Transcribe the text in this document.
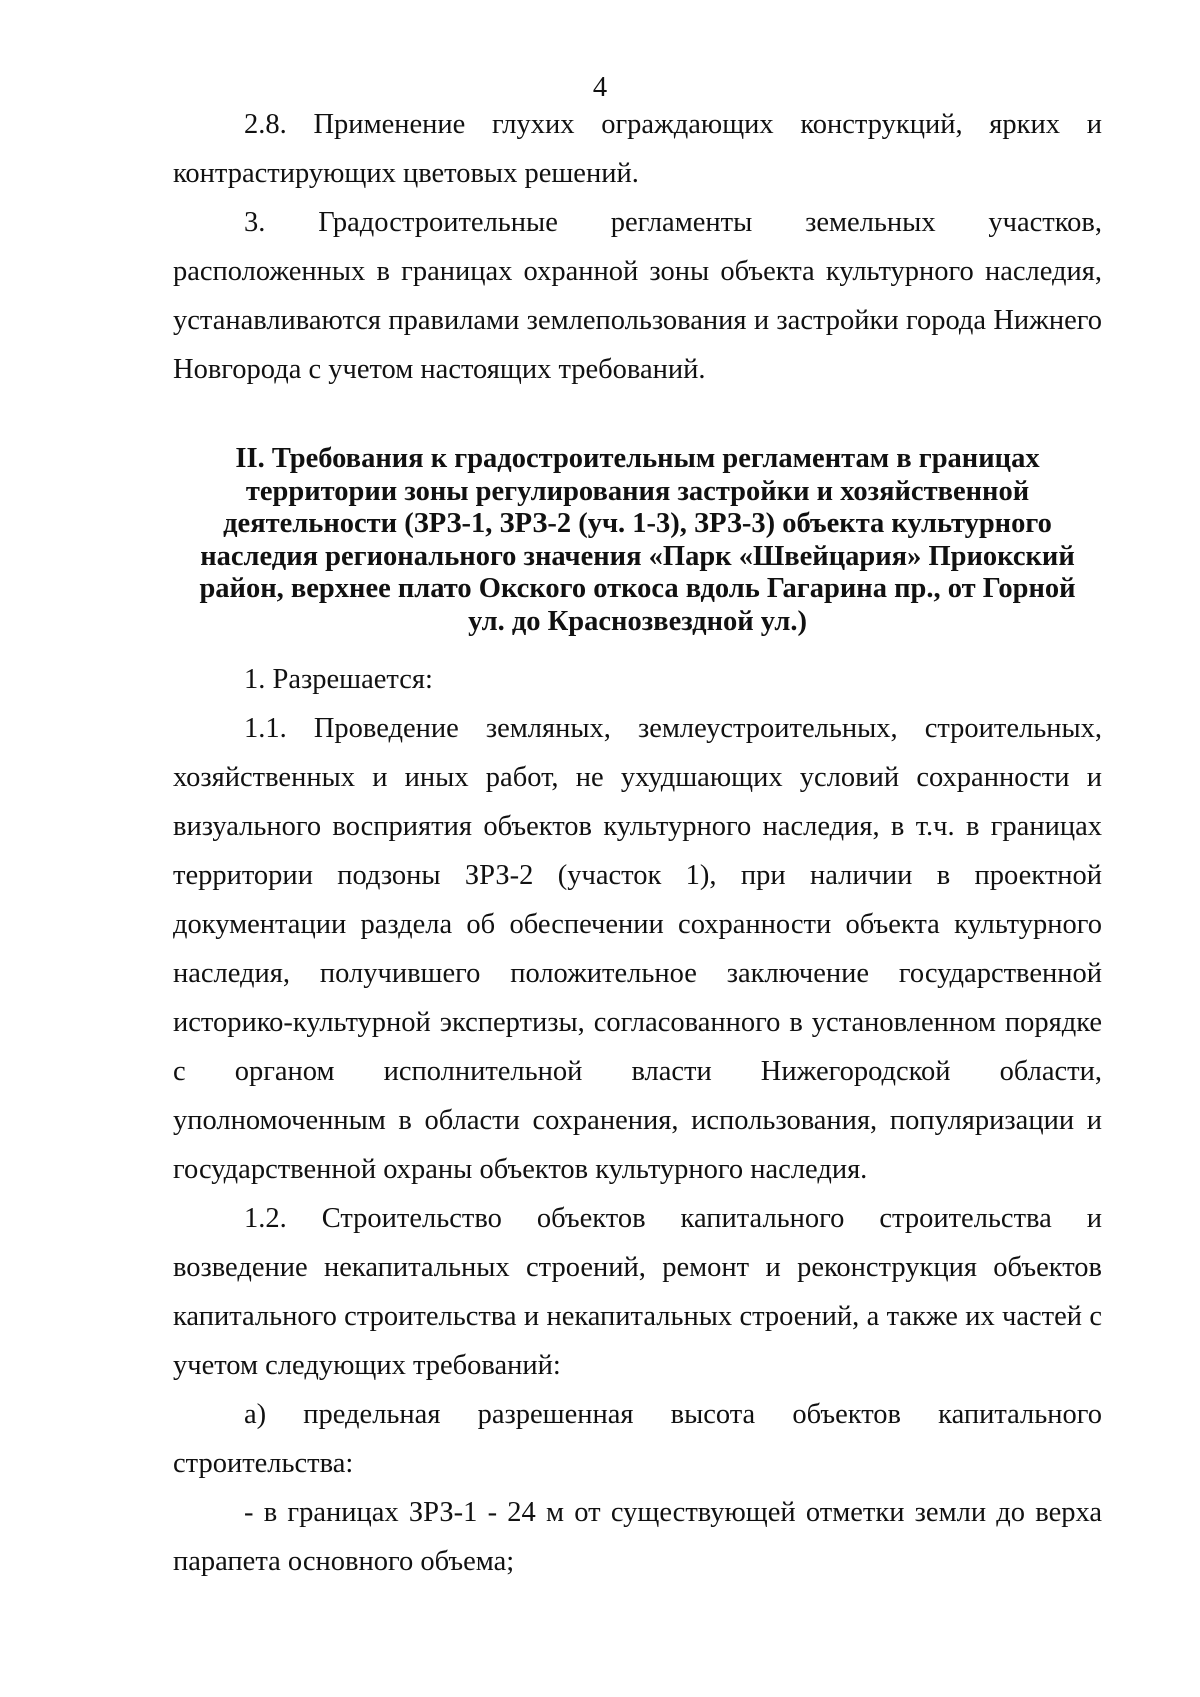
4

2.8. Применение глухих ограждающих конструкций, ярких и контрастирующих цветовых решений.

3. Градостроительные регламенты земельных участков, расположенных в границах охранной зоны объекта культурного наследия, устанавливаются правилами землепользования и застройки города Нижнего Новгорода с учетом настоящих требований.

II. Требования к градостроительным регламентам в границах
территории зоны регулирования застройки и хозяйственной
деятельности (ЗРЗ-1, ЗРЗ-2 (уч. 1-3), ЗРЗ-3) объекта культурного
наследия регионального значения «Парк «Швейцария» Приокский
район, верхнее плато Окского откоса вдоль Гагарина пр., от Горной
ул. до Краснозвездной ул.)

1. Разрешается:

1.1. Проведение земляных, землеустроительных, строительных, хозяйственных и иных работ, не ухудшающих условий сохранности и визуального восприятия объектов культурного наследия, в т.ч. в границах территории подзоны ЗРЗ-2 (участок 1), при наличии в проектной документации раздела об обеспечении сохранности объекта культурного наследия, получившего положительное заключение государственной историко-культурной экспертизы, согласованного в установленном порядке с органом исполнительной власти Нижегородской области, уполномоченным в области сохранения, использования, популяризации и государственной охраны объектов культурного наследия.

1.2. Строительство объектов капитального строительства и возведение некапитальных строений, ремонт и реконструкция объектов капитального строительства и некапитальных строений, а также их частей с учетом следующих требований:

а) предельная разрешенная высота объектов капитального строительства:

- в границах ЗРЗ-1 - 24 м от существующей отметки земли до верха парапета основного объема;
